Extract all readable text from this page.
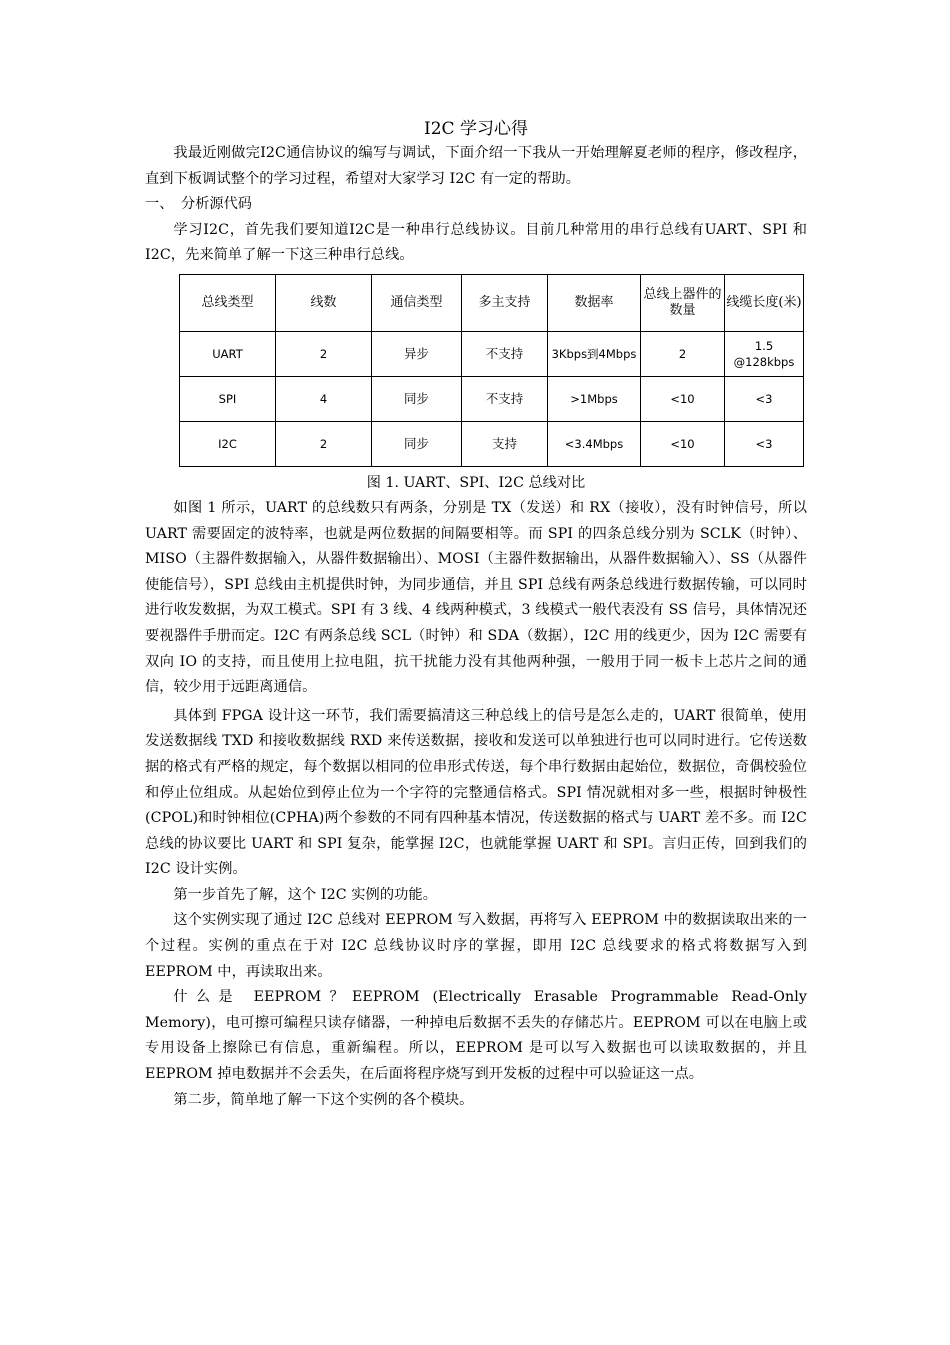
I2C 学习心得

我最近刚做完I2C通信协议的编写与调试，下面介绍一下我从一开始理解夏老师的程序，修改程序，直到下板调试整个的学习过程，希望对大家学习 I2C 有一定的帮助。

一、 分析源代码

学习I2C，首先我们要知道I2C是一种串行总线协议。目前几种常用的串行总线有UART、SPI 和 I2C，先来简单了解一下这三种串行总线。

总线类型	线数	通信类型	多主支持	数据率	总线上器件的数量	线缆长度(米)
UART	2	异步	不支持	3Kbps到4Mbps	2	1.5 @128kbps
SPI	4	同步	不支持	>1Mbps	<10	<3
I2C	2	同步	支持	<3.4Mbps	<10	<3

图 1. UART、SPI、I2C 总线对比

如图 1 所示，UART 的总线数只有两条，分别是 TX（发送）和 RX（接收），没有时钟信号，所以 UART 需要固定的波特率，也就是两位数据的间隔要相等。而 SPI 的四条总线分别为 SCLK（时钟）、MISO（主器件数据输入，从器件数据输出）、MOSI（主器件数据输出，从器件数据输入）、SS（从器件使能信号），SPI 总线由主机提供时钟，为同步通信，并且 SPI 总线有两条总线进行数据传输，可以同时进行收发数据，为双工模式。SPI 有 3 线、4 线两种模式，3 线模式一般代表没有 SS 信号，具体情况还要视器件手册而定。I2C 有两条总线 SCL（时钟）和 SDA（数据），I2C 用的线更少，因为 I2C 需要有双向 IO 的支持，而且使用上拉电阻，抗干扰能力没有其他两种强，一般用于同一板卡上芯片之间的通信，较少用于远距离通信。

具体到 FPGA 设计这一环节，我们需要搞清这三种总线上的信号是怎么走的，UART 很简单，使用发送数据线 TXD 和接收数据线 RXD 来传送数据，接收和发送可以单独进行也可以同时进行。它传送数据的格式有严格的规定，每个数据以相同的位串形式传送，每个串行数据由起始位，数据位，奇偶校验位和停止位组成。从起始位到停止位为一个字符的完整通信格式。SPI 情况就相对多一些，根据时钟极性(CPOL)和时钟相位(CPHA)两个参数的不同有四种基本情况，传送数据的格式与 UART 差不多。而 I2C 总线的协议要比 UART 和 SPI 复杂，能掌握 I2C，也就能掌握 UART 和 SPI。言归正传，回到我们的 I2C 设计实例。

第一步首先了解，这个 I2C 实例的功能。

这个实例实现了通过 I2C 总线对 EEPROM 写入数据，再将写入 EEPROM 中的数据读取出来的一个过程。实例的重点在于对 I2C 总线协议时序的掌握，即用 I2C 总线要求的格式将数据写入到 EEPROM 中，再读取出来。

什么是 EEPROM？EEPROM (Electrically Erasable Programmable Read-Only Memory)，电可擦可编程只读存储器，一种掉电后数据不丢失的存储芯片。EEPROM 可以在电脑上或专用设备上擦除已有信息，重新编程。所以，EEPROM 是可以写入数据也可以读取数据的，并且 EEPROM 掉电数据并不会丢失，在后面将程序烧写到开发板的过程中可以验证这一点。

第二步，简单地了解一下这个实例的各个模块。
